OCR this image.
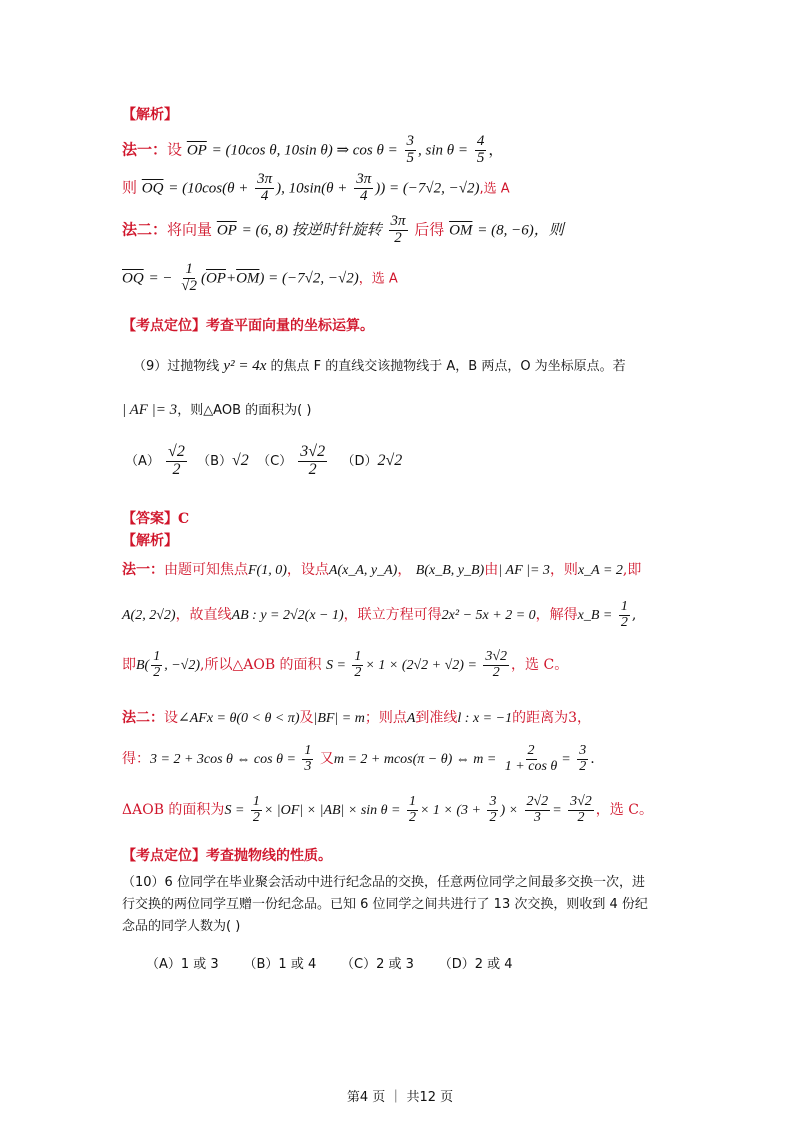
【解析】
法一：设 $\overline{OP} = (10\cos$ θ, 10sin θ) ⇒ $\cos \theta = \frac{3}{5}$ , $\sin \theta = \frac{4}{5}$ ，
则 $\overline{OQ} = (10\cos(\theta + \frac{3\pi}{4}$ ), $10\sin(\theta + \frac{3\pi}{4}$ )) = (−7√2, −√2),选 A
法二：将向量 $\overline{OP} = (6$, 8) 按逆时针旋转 $\frac{3\pi}{2}$ 后得 $\overline{OM} = (8$, −6)，则
$\overline{OQ}$ = − $\frac{1}{√2} (\overline{OP}+\overline{OM}) = (-7√2$, −√2)，选 A
【考点定位】考查平面向量的坐标运算。
（9）过抛物线 y² = 4x 的焦点 F 的直线交该抛物线于 A，B 两点，O 为坐标原点。若
| AF |= 3，则△AOB 的面积为( )
$(A) \frac{√2}{2} (B)√2$ $(C) \frac{3√2}{2} (D)2√2$
【答案】C
【解析】
法一：由题可知焦点F(1, 0)，设点A(x_A, y_A)， B(x_B, y_B)由| AF |= 3，则x_A = 2,即
A(2, 2√2)，故直线AB : y = 2√2(x − 1)，联立方程可得2x² − 5x + 2 = 0，解得x_B = $\frac{1}{2}$ ,
即$B( \frac{1}{2}$ , −√2),所以△AOB 的面积 $S = \frac{1}{2} \times 1 \times (2√2 + √2) = \frac{3√2}{2}$ ，选 C。
法二：设∠AFx = θ(0 < θ < π)及|BF| = m；则点A到准线l : x = −1的距离为3，
得：3 = 2 + 3cos θ ⇔ $\cos \theta = \frac{1}{3}$ 又m = 2 + mcos(π − θ) ⇔ $m = \frac{2}{\text{1 + cos θ}} = \frac{3}{2}$ .
ΔAOB 的面积为$S = \frac{1}{2} \times |OF| \times |AB| \times \sin \theta = \frac{1}{2} \times 1 \times (3 + \frac{3}{2}$ ) × $\frac{2√2}{3} = \frac{3√2}{2}$ ，选 C。
【考点定位】考查抛物线的性质。
（10）6 位同学在毕业聚会活动中进行纪念品的交换，任意两位同学之间最多交换一次，进
行交换的两位同学互赠一份纪念品。已知 6 位同学之间共进行了 13 次交换，则收到 4 份纪
念品的同学人数为( )
（A）1 或 3      （B）1 或 4      （C）2 或 3      （D）2 或 4
第4 页 ｜ 共12 页
